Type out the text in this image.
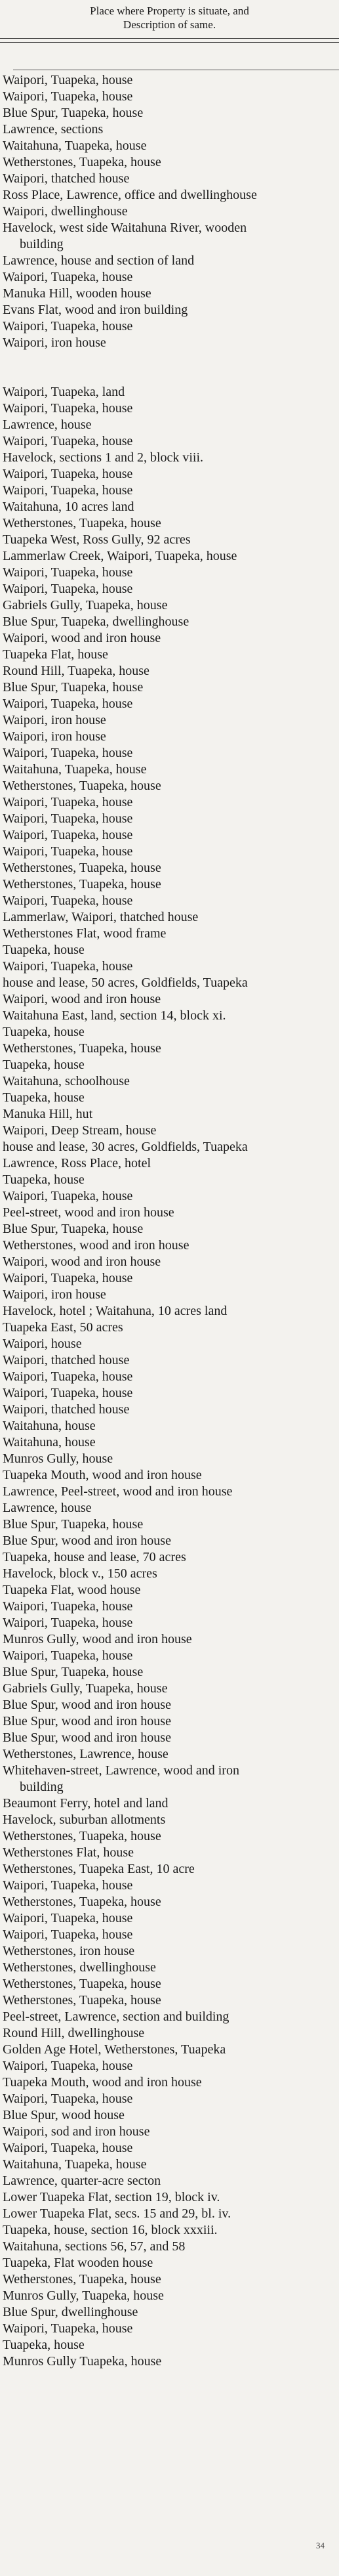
Place where Property is situate, and
Description of same.
Waipori, Tuapeka, house
Waipori, Tuapeka, house
Blue Spur, Tuapeka, house
Lawrence, sections
Waitahuna, Tuapeka, house
Wetherstones, Tuapeka, house
Waipori, thatched house
Ross Place, Lawrence, office and dwellinghouse
Waipori, dwellinghouse
Havelock, west side Waitahuna River, wooden
building
Lawrence, house and section of land
Waipori, Tuapeka, house
Manuka Hill, wooden house
Evans Flat, wood and iron building
Waipori, Tuapeka, house
Waipori, iron house
Waipori, Tuapeka, land
Waipori, Tuapeka, house
Lawrence, house
Waipori, Tuapeka, house
Havelock, sections 1 and 2, block viii.
Waipori, Tuapeka, house
Waipori, Tuapeka, house
Waitahuna, 10 acres land
Wetherstones, Tuapeka, house
Tuapeka West, Ross Gully, 92 acres
Lammerlaw Creek, Waipori, Tuapeka, house
Waipori, Tuapeka, house
Waipori, Tuapeka, house
Gabriels Gully, Tuapeka, house
Blue Spur, Tuapeka, dwellinghouse
Waipori, wood and iron house
Tuapeka Flat, house
Round Hill, Tuapeka, house
Blue Spur, Tuapeka, house
Waipori, Tuapeka, house
Waipori, iron house
Waipori, iron house
Waipori, Tuapeka, house
Waitahuna, Tuapeka, house
Wetherstones, Tuapeka, house
Waipori, Tuapeka, house
Waipori, Tuapeka, house
Waipori, Tuapeka, house
Waipori, Tuapeka, house
Wetherstones, Tuapeka, house
Wetherstones, Tuapeka, house
Waipori, Tuapeka, house
Lammerlaw, Waipori, thatched house
Wetherstones Flat, wood frame
Tuapeka, house
Waipori, Tuapeka, house
house and lease, 50 acres, Goldfields, Tuapeka
Waipori, wood and iron house
Waitahuna East, land, section 14, block xi.
Tuapeka, house
Wetherstones, Tuapeka, house
Tuapeka, house
Waitahuna, schoolhouse
Tuapeka, house
Manuka Hill, hut
Waipori, Deep Stream, house
house and lease, 30 acres, Goldfields, Tuapeka
Lawrence, Ross Place, hotel
Tuapeka, house
Waipori, Tuapeka, house
Peel-street, wood and iron house
Blue Spur, Tuapeka, house
Wetherstones, wood and iron house
Waipori, wood and iron house
Waipori, Tuapeka, house
Waipori, iron house
Havelock, hotel ; Waitahuna, 10 acres land
Tuapeka East, 50 acres
Waipori, house
Waipori, thatched house
Waipori, Tuapeka, house
Waipori, Tuapeka, house
Waipori, thatched house
Waitahuna, house
Waitahuna, house
Munros Gully, house
Tuapeka Mouth, wood and iron house
Lawrence, Peel-street, wood and iron house
Lawrence, house
Blue Spur, Tuapeka, house
Blue Spur, wood and iron house
Tuapeka, house and lease, 70 acres
Havelock, block v., 150 acres
Tuapeka Flat, wood house
Waipori, Tuapeka, house
Waipori, Tuapeka, house
Munros Gully, wood and iron house
Waipori, Tuapeka, house
Blue Spur, Tuapeka, house
Gabriels Gully, Tuapeka, house
Blue Spur, wood and iron house
Blue Spur, wood and iron house
Blue Spur, wood and iron house
Wetherstones, Lawrence, house
Whitehaven-street, Lawrence, wood and iron
building
Beaumont Ferry, hotel and land
Havelock, suburban allotments
Wetherstones, Tuapeka, house
Wetherstones Flat, house
Wetherstones, Tuapeka East, 10 acre
Waipori, Tuapeka, house
Wetherstones, Tuapeka, house
Waipori, Tuapeka, house
Waipori, Tuapeka, house
Wetherstones, iron house
Wetherstones, dwellinghouse
Wetherstones, Tuapeka, house
Wetherstones, Tuapeka, house
Peel-street, Lawrence, section and building
Round Hill, dwellinghouse
Golden Age Hotel, Wetherstones, Tuapeka
Waipori, Tuapeka, house
Tuapeka Mouth, wood and iron house
Waipori, Tuapeka, house
Blue Spur, wood house
Waipori, sod and iron house
Waipori, Tuapeka, house
Waitahuna, Tuapeka, house
Lawrence, quarter-acre secton
Lower Tuapeka Flat, section 19, block iv.
Lower Tuapeka Flat, secs. 15 and 29, bl. iv.
Tuapeka, house, section 16, block xxxiii.
Waitahuna, sections 56, 57, and 58
Tuapeka, Flat wooden house
Wetherstones, Tuapeka, house
Munros Gully, Tuapeka, house
Blue Spur, dwellinghouse
Waipori, Tuapeka, house
Tuapeka, house
Munros Gully Tuapeka, house
34
